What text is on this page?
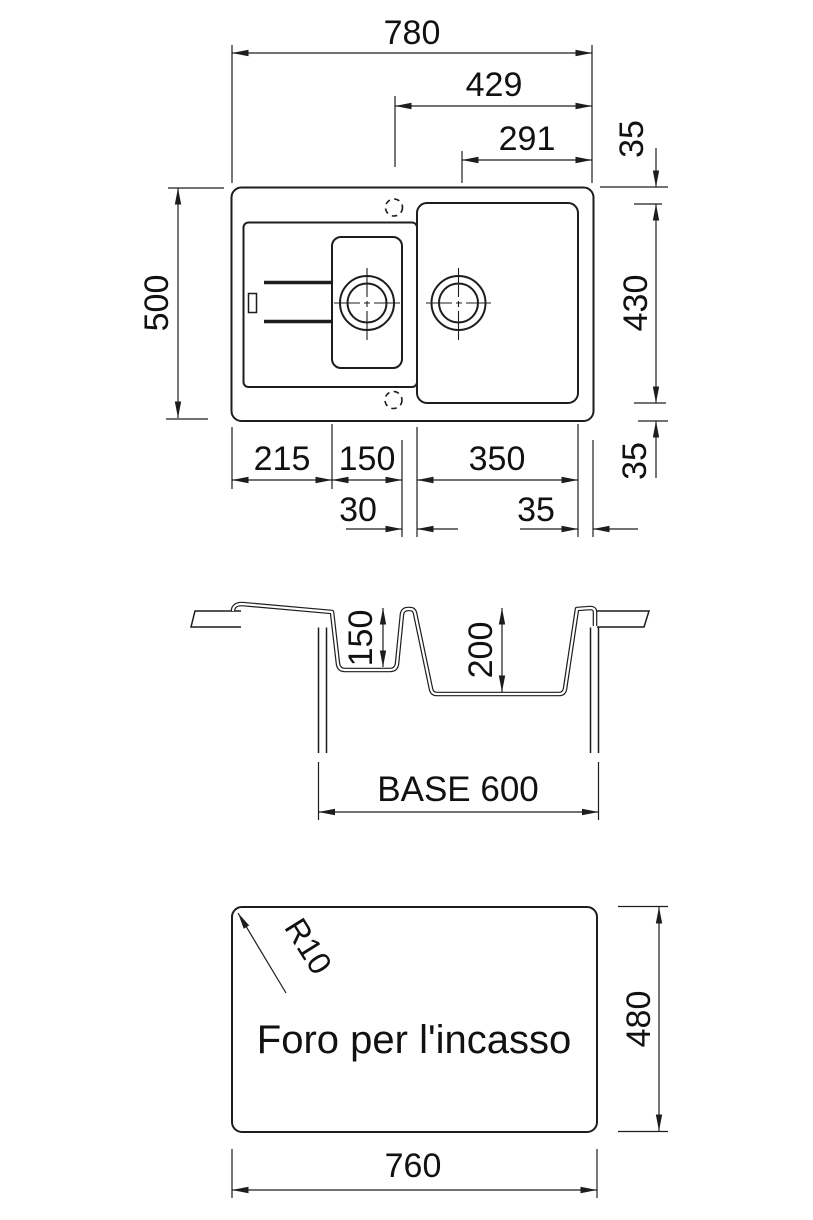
780
429
291 35
500	430
35
215 150 350
30	35
150 200
BASE 600
Foro per l'incasso
R10
480
760
